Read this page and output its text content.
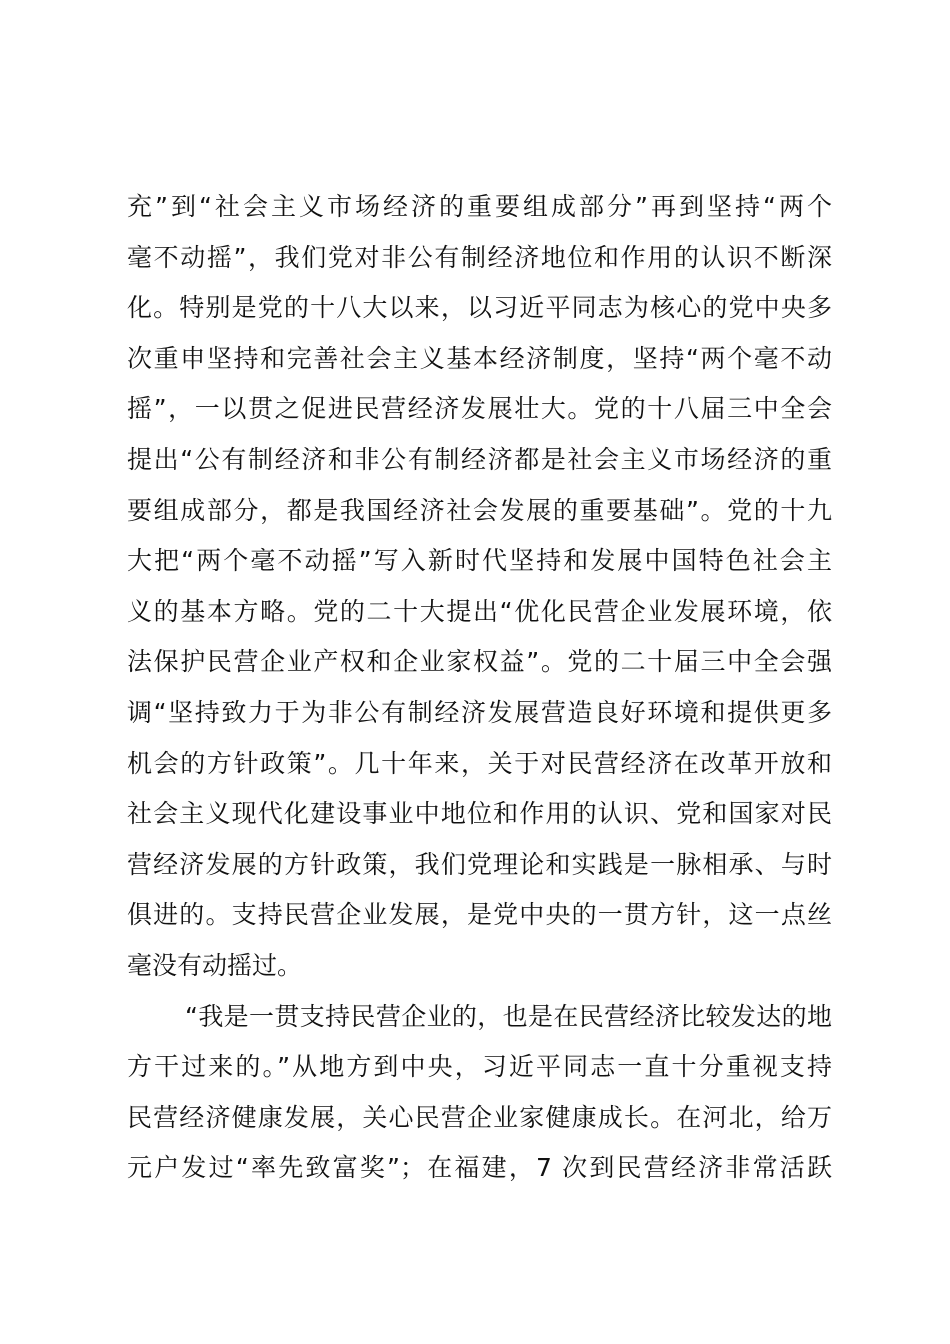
充”到“社会主义市场经济的重要组成部分”再到坚持“两个
毫不动摇”，我们党对非公有制经济地位和作用的认识不断深
化。特别是党的十八大以来，以习近平同志为核心的党中央多
次重申坚持和完善社会主义基本经济制度，坚持“两个毫不动
摇”，一以贯之促进民营经济发展壮大。党的十八届三中全会
提出“公有制经济和非公有制经济都是社会主义市场经济的重
要组成部分，都是我国经济社会发展的重要基础”。党的十九
大把“两个毫不动摇”写入新时代坚持和发展中国特色社会主
义的基本方略。党的二十大提出“优化民营企业发展环境，依
法保护民营企业产权和企业家权益”。党的二十届三中全会强
调“坚持致力于为非公有制经济发展营造良好环境和提供更多
机会的方针政策”。几十年来，关于对民营经济在改革开放和
社会主义现代化建设事业中地位和作用的认识、党和国家对民
营经济发展的方针政策，我们党理论和实践是一脉相承、与时
俱进的。支持民营企业发展，是党中央的一贯方针，这一点丝
毫没有动摇过。
“我是一贯支持民营企业的，也是在民营经济比较发达的地
方干过来的。”从地方到中央，习近平同志一直十分重视支持
民营经济健康发展，关心民营企业家健康成长。在河北，给万
元户发过“率先致富奖”；在福建，7 次到民营经济非常活跃
